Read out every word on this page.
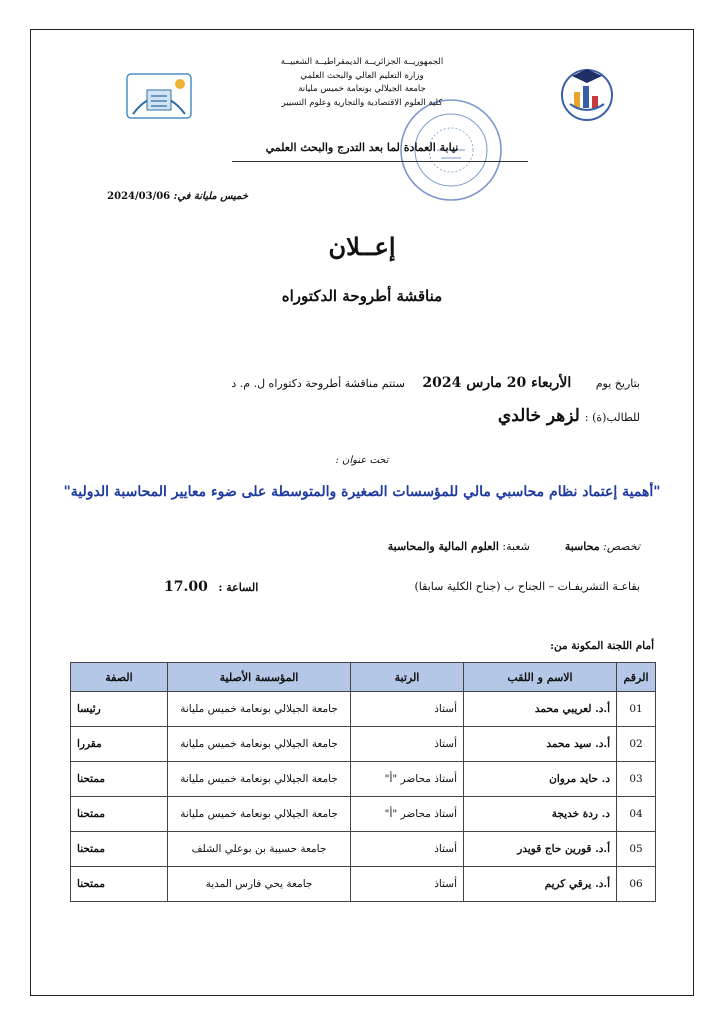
الجمهوريــة الجزائريــة الديمقراطيــة الشعبيــة
وزارة التعليم العالي والبحث العلمي
جامعة الجيلالي بونعامة خميس مليانة
كلية العلوم الاقتصادية والتجارية وعلوم التسيير
نيابة العمادة لما بعد التدرج والبحث العلمي
خميس مليانة في: 2024/03/06
إعــلان
مناقشة أطروحة الدكتوراه
بتاريخ يوم       الأربعاء 20 مارس 2024     ستتم مناقشة أطروحة دكتوراه ل. م. د
للطالب(ة) : لزهر خالدي
تحت عنوان :
"أهمية إعتماد نظام محاسبي مالي للمؤسسات الصغيرة والمتوسطة على ضوء معايير المحاسبة الدولية"
تخصص: محاسبة          شعبة: العلوم المالية والمحاسبة
بقاعـة التشريفـات – الجناح ب (جناح الكلية سابقا)
الساعة :   17.00
أمام اللجنة المكونة من:
الرقم	الاسم و اللقب	الرتبة	المؤسسة الأصلية	الصفة
01	أ.د. لعريبي محمد	أستاذ	جامعة الجيلالي بونعامة خميس مليانة	رئيسا
02	أ.د. سيد محمد	أستاذ	جامعة الجيلالي بونعامة خميس مليانة	مقررا
03	د. حايد مروان	أستاذ محاضر "أ"	جامعة الجيلالي بونعامة خميس مليانة	ممتحنا
04	د. ردة خديجة	أستاذ محاضر "أ"	جامعة الجيلالي بونعامة خميس مليانة	ممتحنا
05	أ.د. قورين حاج قويدر	أستاذ	جامعة حسيبة بن بوعلي الشلف	ممتحنا
06	أ.د. يرقي كريم	أستاذ	جامعة يحي فارس المدية	ممتحنا
